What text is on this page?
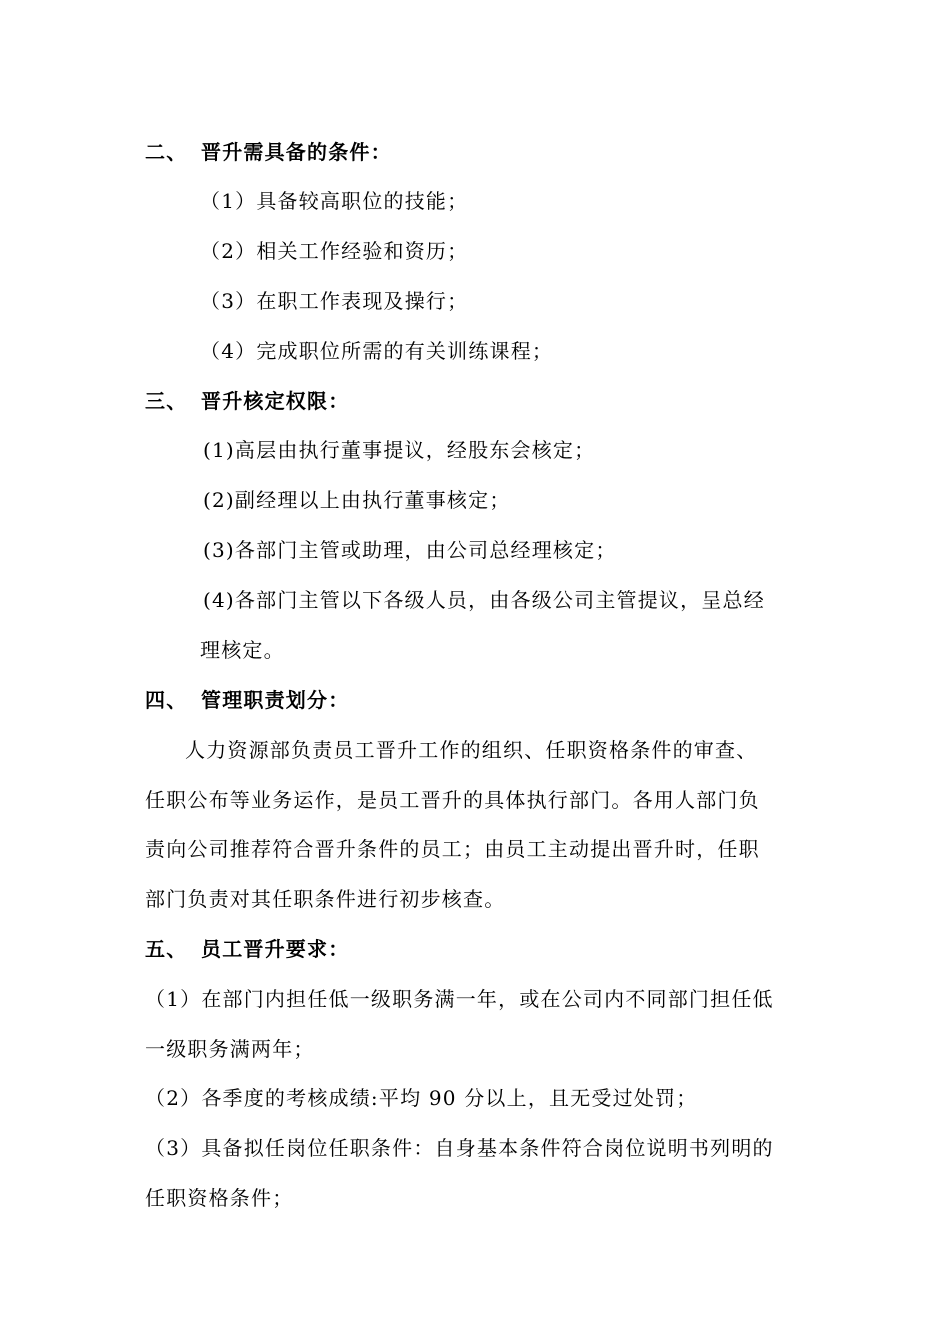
二、 晋升需具备的条件：
（1）具备较高职位的技能；
（2）相关工作经验和资历；
（3）在职工作表现及操行；
（4）完成职位所需的有关训练课程；
三、 晋升核定权限：
(1)高层由执行董事提议，经股东会核定；
(2)副经理以上由执行董事核定；
(3)各部门主管或助理，由公司总经理核定；
(4)各部门主管以下各级人员，由各级公司主管提议，呈总经
理核定。
四、 管理职责划分：
人力资源部负责员工晋升工作的组织、任职资格条件的审查、
任职公布等业务运作，是员工晋升的具体执行部门。各用人部门负
责向公司推荐符合晋升条件的员工；由员工主动提出晋升时，任职
部门负责对其任职条件进行初步核查。
五、 员工晋升要求：
（1）在部门内担任低一级职务满一年，或在公司内不同部门担任低
一级职务满两年；
（2）各季度的考核成绩:平均 90 分以上，且无受过处罚；
（3）具备拟任岗位任职条件：自身基本条件符合岗位说明书列明的
任职资格条件；
